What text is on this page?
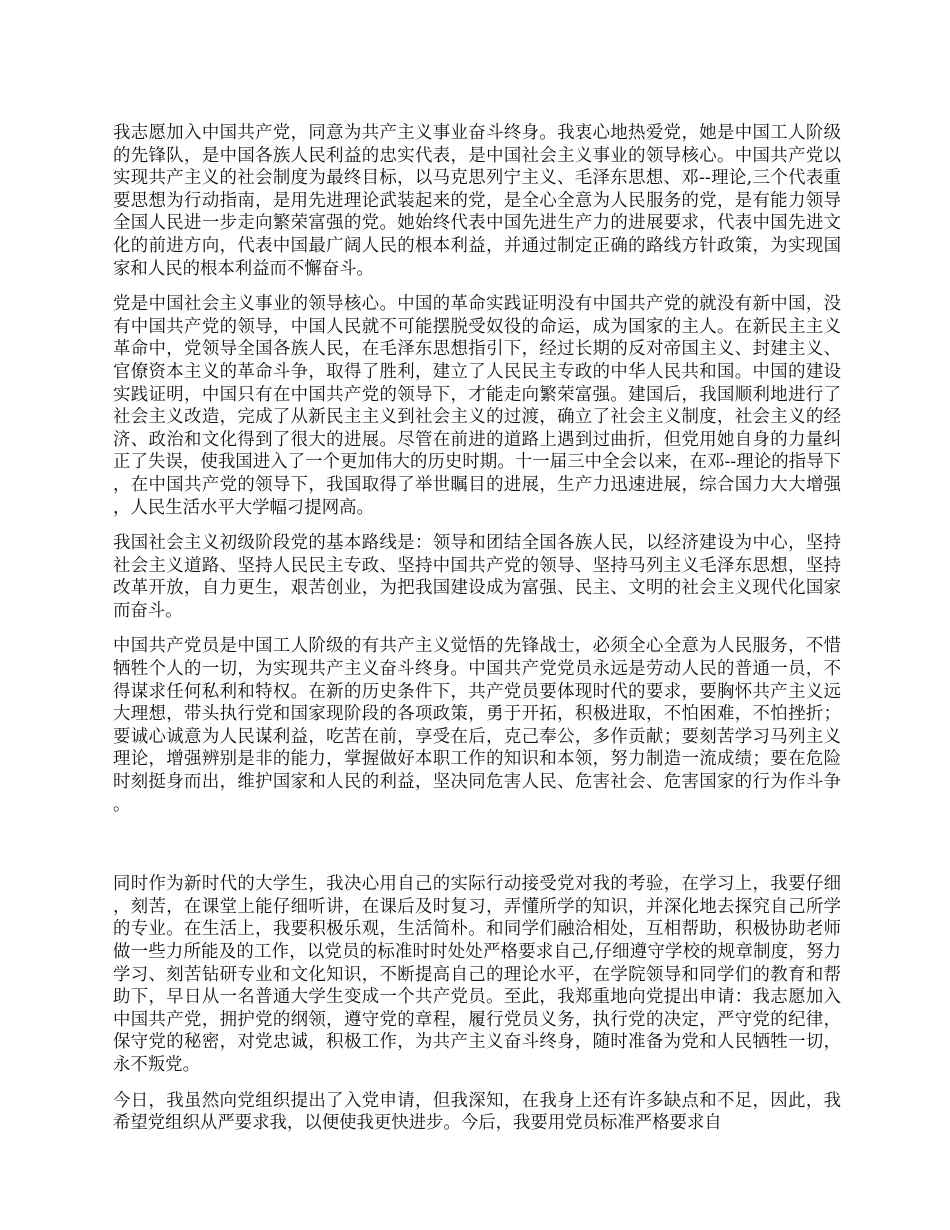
我志愿加入中国共产党，同意为共产主义事业奋斗终身。我衷心地热爱党，她是中国工人阶级的先锋队，是中国各族人民利益的忠实代表，是中国社会主义事业的领导核心。中国共产党以实现共产主义的社会制度为最终目标，以马克思列宁主义、毛泽东思想、邓--理论,三个代表重要思想为行动指南，是用先进理论武装起来的党，是全心全意为人民服务的党，是有能力领导全国人民进一步走向繁荣富强的党。她始终代表中国先进生产力的进展要求，代表中国先进文化的前进方向，代表中国最广阔人民的根本利益，并通过制定正确的路线方针政策，为实现国家和人民的根本利益而不懈奋斗。

党是中国社会主义事业的领导核心。中国的革命实践证明没有中国共产党的就没有新中国，没有中国共产党的领导，中国人民就不可能摆脱受奴役的命运，成为国家的主人。在新民主主义革命中，党领导全国各族人民，在毛泽东思想指引下，经过长期的反对帝国主义、封建主义、官僚资本主义的革命斗争，取得了胜利，建立了人民民主专政的中华人民共和国。中国的建设实践证明，中国只有在中国共产党的领导下，才能走向繁荣富强。建国后，我国顺利地进行了社会主义改造，完成了从新民主主义到社会主义的过渡，确立了社会主义制度，社会主义的经济、政治和文化得到了很大的进展。尽管在前进的道路上遇到过曲折，但党用她自身的力量纠正了失误，使我国进入了一个更加伟大的历史时期。十一届三中全会以来，在邓--理论的指导下，在中国共产党的领导下，我国取得了举世瞩目的进展，生产力迅速进展，综合国力大大增强，人民生活水平大学幅刁提网高。

我国社会主义初级阶段党的基本路线是：领导和团结全国各族人民，以经济建设为中心，坚持社会主义道路、坚持人民民主专政、坚持中国共产党的领导、坚持马列主义毛泽东思想，坚持改革开放，自力更生，艰苦创业，为把我国建设成为富强、民主、文明的社会主义现代化国家而奋斗。

中国共产党员是中国工人阶级的有共产主义觉悟的先锋战士，必须全心全意为人民服务，不惜牺牲个人的一切，为实现共产主义奋斗终身。中国共产党党员永远是劳动人民的普通一员，不得谋求任何私利和特权。在新的历史条件下，共产党员要体现时代的要求，要胸怀共产主义远大理想，带头执行党和国家现阶段的各项政策，勇于开拓，积极进取，不怕困难，不怕挫折；要诚心诚意为人民谋利益，吃苦在前，享受在后，克己奉公，多作贡献；要刻苦学习马列主义理论，增强辨别是非的能力，掌握做好本职工作的知识和本领，努力制造一流成绩；要在危险时刻挺身而出，维护国家和人民的利益，坚决同危害人民、危害社会、危害国家的行为作斗争。

同时作为新时代的大学生，我决心用自己的实际行动接受党对我的考验，在学习上，我要仔细，刻苦，在课堂上能仔细听讲，在课后及时复习，弄懂所学的知识，并深化地去探究自己所学的专业。在生活上，我要积极乐观，生活简朴。和同学们融洽相处，互相帮助，积极协助老师做一些力所能及的工作，以党员的标准时时处处严格要求自己,仔细遵守学校的规章制度，努力学习、刻苦钻研专业和文化知识，不断提高自己的理论水平，在学院领导和同学们的教育和帮助下，早日从一名普通大学生变成一个共产党员。至此，我郑重地向党提出申请：我志愿加入中国共产党，拥护党的纲领，遵守党的章程，履行党员义务，执行党的决定，严守党的纪律，保守党的秘密，对党忠诚，积极工作，为共产主义奋斗终身，随时准备为党和人民牺牲一切，永不叛党。

今日，我虽然向党组织提出了入党申请，但我深知，在我身上还有许多缺点和不足，因此，我希望党组织从严要求我，以便使我更快进步。今后，我要用党员标准严格要求自
